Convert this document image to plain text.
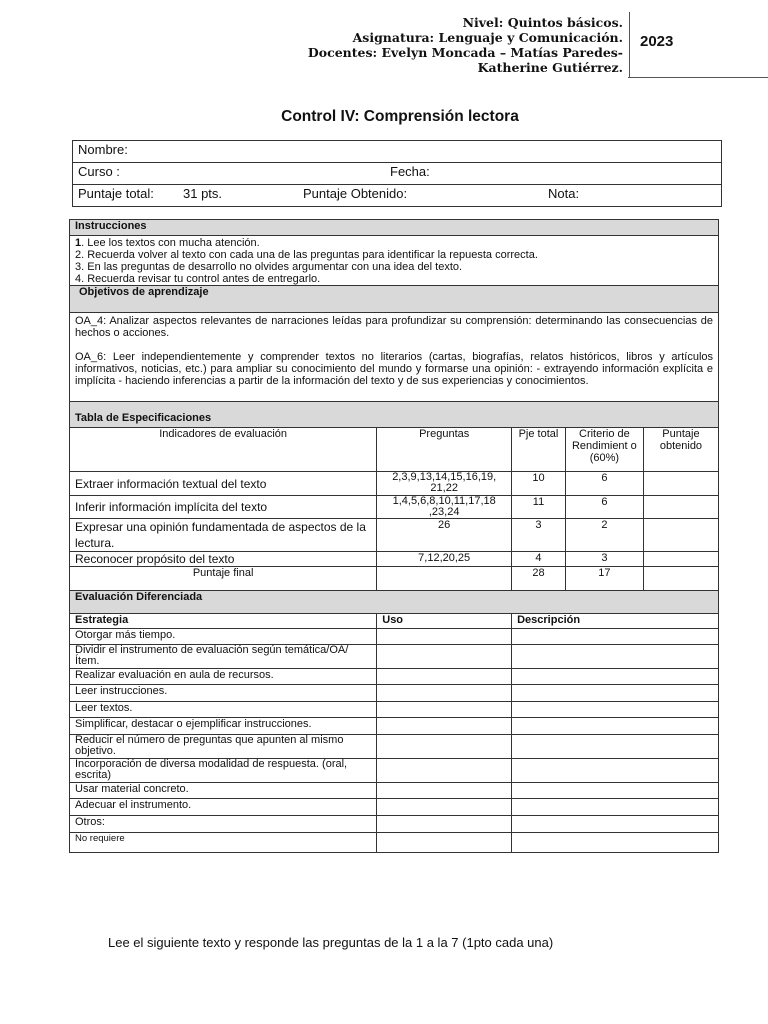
Nivel: Quintos básicos.
Asignatura: Lenguaje y Comunicación.
Docentes: Evelyn Moncada – Matías Paredes-
Katherine Gutiérrez.
2023
Control IV: Comprensión lectora
Nombre:
Curso :	Fecha:
Puntaje total: 31 pts.	Puntaje Obtenido:	Nota:
Instrucciones				

1. Lee los textos con mucha atención.
2. Recuerda volver al texto con cada una de las preguntas para identificar la repuesta correcta.
3. En las preguntas de desarrollo no olvides argumentar con una idea del texto.
4. Recuerda revisar tu control antes de entregarlo.				

Objetivos de aprendizaje				

OA_4: Analizar aspectos relevantes de narraciones leídas para profundizar su comprensión: determinando las consecuencias de hechos o acciones.
OA_6: Leer independientemente y comprender textos no literarios (cartas, biografías, relatos históricos, libros y artículos informativos, noticias, etc.) para ampliar su conocimiento del mundo y formarse una opinión: - extrayendo información explícita e implícita - haciendo inferencias a partir de la información del texto y de sus experiencias y conocimientos.				

Tabla de Especificaciones				
Indicadores de evaluación	Preguntas	Pje total	Criterio de Rendimient o (60%)	Puntaje obtenido
Extraer información textual del texto	2,3,9,13,14,15,16,19, 21,22	10	6	
Inferir información implícita del texto	1,4,5,6,8,10,11,17,18 ,23,24	11	6	
Expresar una opinión fundamentada de aspectos de la lectura.	26	3	2	
Reconocer propósito del texto	7,12,20,25	4	3	
Puntaje final		28	17	
Evaluación Diferenciada				
Estrategia	Uso	Descripción		
Otorgar más tiempo.				
Dividir el instrumento de evaluación según temática/OA/ Ítem.				
Realizar evaluación en aula de recursos.				
Leer instrucciones.				
Leer textos.				
Simplificar, destacar o ejemplificar instrucciones.				
Reducir el número de preguntas que apunten al mismo objetivo.				
Incorporación de diversa modalidad de respuesta. (oral, escrita)				
Usar material concreto.				
Adecuar el instrumento.				
Otros:				
No requiere				
Lee el siguiente texto y responde las preguntas de la 1 a la 7 (1pto cada una)
